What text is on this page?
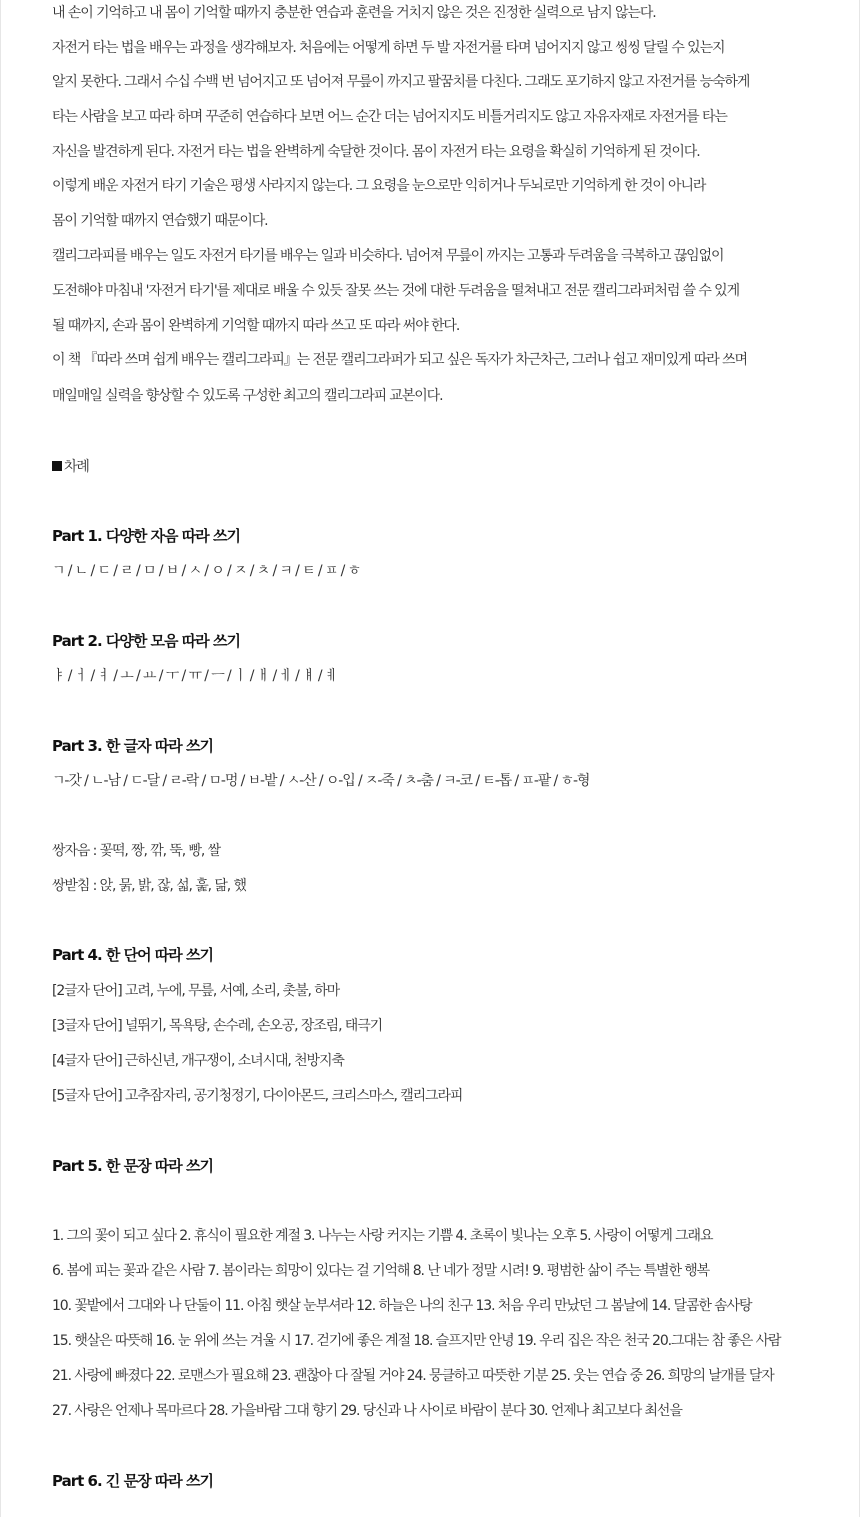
내 손이 기억하고 내 몸이 기억할 때까지 충분한 연습과 훈련을 거치지 않은 것은 진정한 실력으로 남지 않는다.
자전거 타는 법을 배우는 과정을 생각해보자. 처음에는 어떻게 하면 두 발 자전거를 타며 넘어지지 않고 씽씽 달릴 수 있는지
알지 못한다. 그래서 수십 수백 번 넘어지고 또 넘어져 무릎이 까지고 팔꿈치를 다친다. 그래도 포기하지 않고 자전거를 능숙하게
타는 사람을 보고 따라 하며 꾸준히 연습하다 보면 어느 순간 더는 넘어지지도 비틀거리지도 않고 자유자재로 자전거를 타는
자신을 발견하게 된다. 자전거 타는 법을 완벽하게 숙달한 것이다. 몸이 자전거 타는 요령을 확실히 기억하게 된 것이다.
이렇게 배운 자전거 타기 기술은 평생 사라지지 않는다. 그 요령을 눈으로만 익히거나 두뇌로만 기억하게 한 것이 아니라
몸이 기억할 때까지 연습했기 때문이다.
캘리그라피를 배우는 일도 자전거 타기를 배우는 일과 비슷하다. 넘어져 무릎이 까지는 고통과 두려움을 극복하고 끊임없이
도전해야 마침내 '자전거 타기'를 제대로 배울 수 있듯 잘못 쓰는 것에 대한 두려움을 떨쳐내고 전문 캘리그라퍼처럼 쓸 수 있게
될 때까지, 손과 몸이 완벽하게 기억할 때까지 따라 쓰고 또 따라 써야 한다.
이 책 『따라 쓰며 쉽게 배우는 캘리그라피』는 전문 캘리그라퍼가 되고 싶은 독자가 차근차근, 그러나 쉽고 재미있게 따라 쓰며
매일매일 실력을 향상할 수 있도록 구성한 최고의 캘리그라피 교본이다.
차례
Part 1. 다양한 자음 따라 쓰기
ㄱ / ㄴ / ㄷ / ㄹ / ㅁ / ㅂ / ㅅ / ㅇ / ㅈ / ㅊ / ㅋ / ㅌ / ㅍ / ㅎ
Part 2. 다양한 모음 따라 쓰기
ㅑ / ㅓ / ㅕ / ㅗ / ㅛ / ㅜ / ㅠ / ㅡ / ㅣ / ㅐ / ㅔ / ㅒ / ㅖ
Part 3. 한 글자 따라 쓰기
ㄱ-갓 / ㄴ-남 / ㄷ-달 / ㄹ-락 / ㅁ-멍 / ㅂ-밭 / ㅅ-산 / ㅇ-입 / ㅈ-죽 / ㅊ-춤 / ㅋ-코 / ㅌ-톱 / ㅍ-팥 / ㅎ-형
쌍자음 : 꽃떡, 짱, 깎, 뚝, 빵, 쌀
쌍받침 : 앉, 묽, 밝, 잖, 섧, 훑, 닮, 했
Part 4. 한 단어 따라 쓰기
[2글자 단어] 고려, 누에, 무릎, 서예, 소리, 촛불, 하마
[3글자 단어] 널뛰기, 목욕탕, 손수레, 손오공, 장조림, 태극기
[4글자 단어] 근하신년, 개구쟁이, 소녀시대, 천방지축
[5글자 단어] 고추잠자리, 공기청정기, 다이아몬드, 크리스마스, 캘리그라피
Part 5. 한 문장 따라 쓰기
1. 그의 꽃이 되고 싶다 2. 휴식이 필요한 계절 3. 나누는 사랑 커지는 기쁨 4. 초록이 빛나는 오후 5. 사랑이 어떻게 그래요
6. 봄에 피는 꽃과 같은 사람 7. 봄이라는 희망이 있다는 걸 기억해 8. 난 네가 정말 시려! 9. 평범한 삶이 주는 특별한 행복
10. 꽃밭에서 그대와 나 단둘이 11. 아침 햇살 눈부셔라 12. 하늘은 나의 친구 13. 처음 우리 만났던 그 봄날에 14. 달콤한 솜사탕
15. 햇살은 따뜻해 16. 눈 위에 쓰는 겨울 시 17. 걷기에 좋은 계절 18. 슬프지만 안녕 19. 우리 집은 작은 천국 20.그대는 참 좋은 사람
21. 사랑에 빠졌다 22. 로맨스가 필요해 23. 괜찮아 다 잘될 거야 24. 뭉클하고 따뜻한 기분 25. 웃는 연습 중 26. 희망의 날개를 달자
27. 사랑은 언제나 목마르다 28. 가을바람 그대 향기 29. 당신과 나 사이로 바람이 분다 30. 언제나 최고보다 최선을
Part 6. 긴 문장 따라 쓰기
